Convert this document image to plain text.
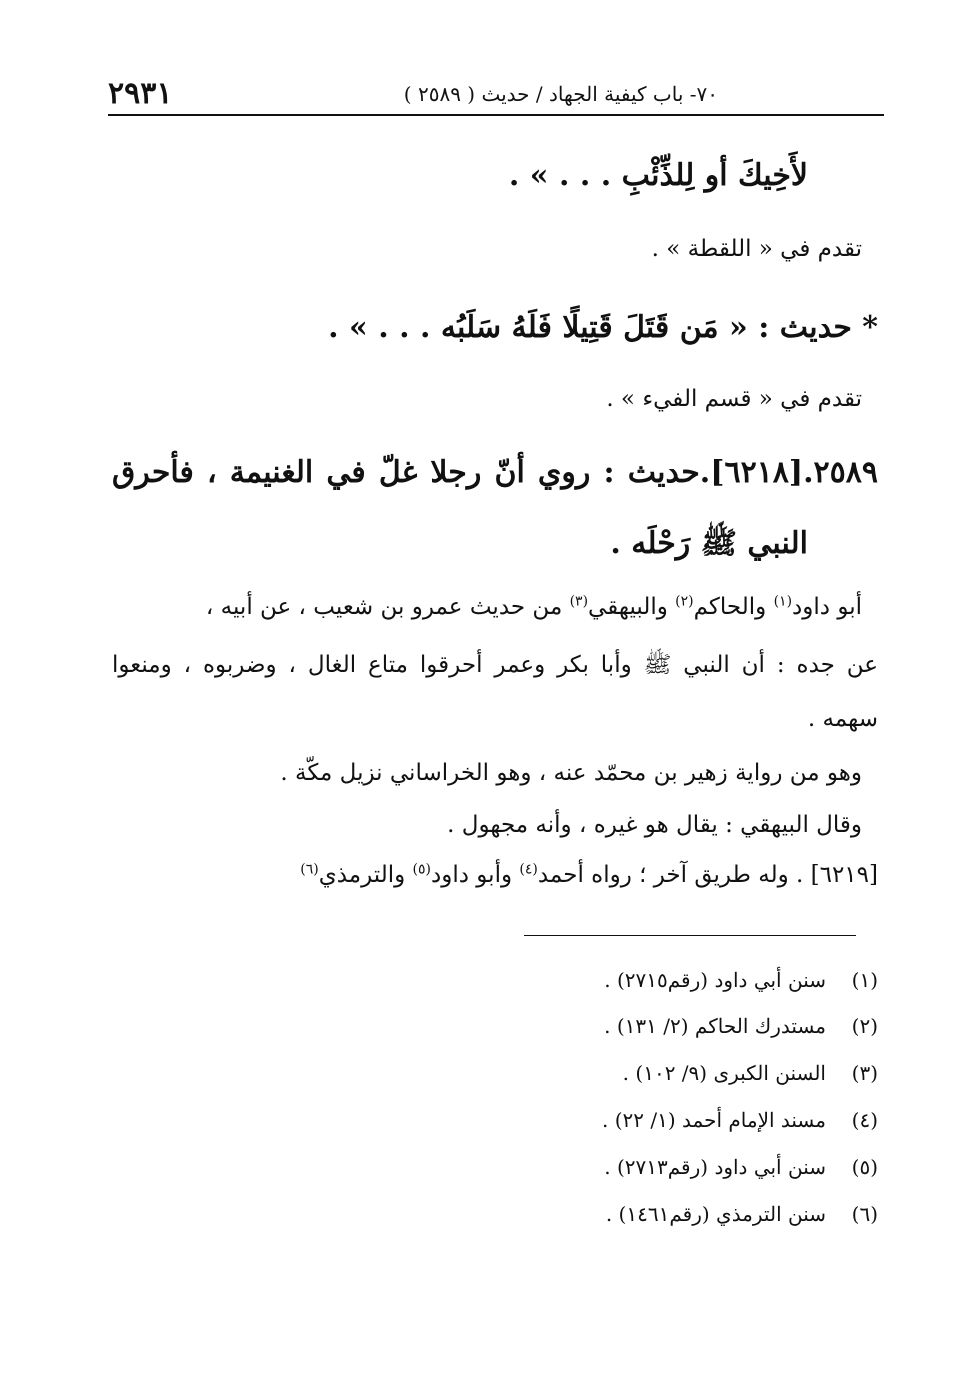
٢٩٣١	٧٠- باب كيفية الجهاد / حديث ( ٢٥٨٩ )
لأَخِيكَ أو لِلذِّئْبِ . . . » .
تقدم في « اللقطة » .
* حديث : « مَن قَتَلَ قَتِيلًا فَلَهُ سَلَبُه . . . » .
تقدم في « قسم الفيء » .
٢٥٨٩.[٦٢١٨].حديث : روي أنّ رجلا غلّ في الغنيمة ، فأحرق
النبي ﷺ رَحْلَه .
أبو داود$^{(١)}$ والحاكم$^{(٢)}$ والبيهقي$^{(٣)}$ من حديث عمرو بن شعيب ، عن أبيه ،
عن جده : أن النبي ﷺ وأبا بكر وعمر أحرقوا متاع الغال ، وضربوه ، ومنعوا
سهمه .
وهو من رواية زهير بن محمّد عنه ، وهو الخراساني نزيل مكّة .
وقال البيهقي : يقال هو غيره ، وأنه مجهول .
[٦٢١٩] . وله طريق آخر ؛ رواه أحمد$^{(٤)}$ وأبو داود$^{(٥)}$ والترمذي$^{(٦)}$
(١)سنن أبي داود (رقم٢٧١٥) .
(٢)مستدرك الحاكم (٢/ ١٣١) .
(٣)السنن الكبرى (٩/ ١٠٢) .
(٤)مسند الإمام أحمد (١/ ٢٢) .
(٥)سنن أبي داود (رقم٢٧١٣) .
(٦)سنن الترمذي (رقم١٤٦١) .
